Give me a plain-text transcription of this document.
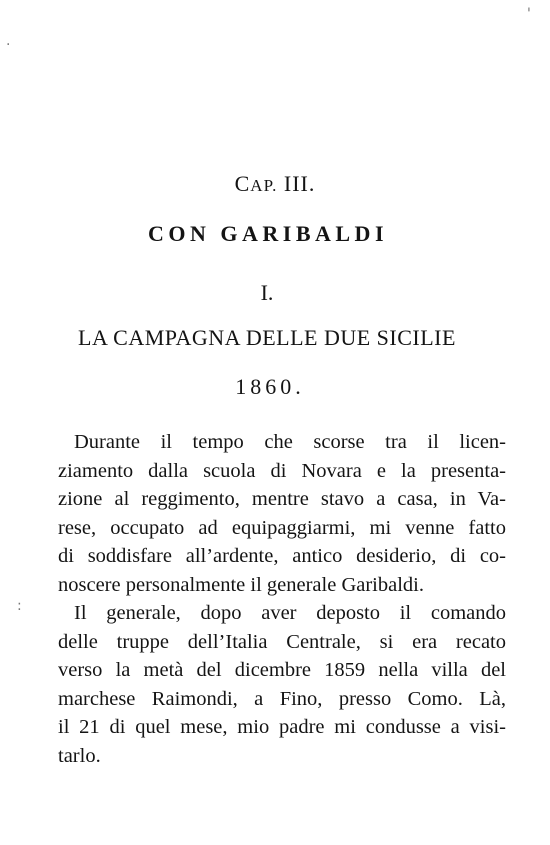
'
·
:
CAP. III.
CON GARIBALDI
I.
LA CAMPAGNA DELLE DUE SICILIE
1860.
Durante il tempo che scorse tra il licen-
ziamento dalla scuola di Novara e la presenta-
zione al reggimento, mentre stavo a casa, in Va-
rese, occupato ad equipaggiarmi, mi venne fatto
di soddisfare all’ardente, antico desiderio, di co-
noscere personalmente il generale Garibaldi.
Il generale, dopo aver deposto il comando
delle truppe dell’Italia Centrale, si era recato
verso la metà del dicembre 1859 nella villa del
marchese Raimondi, a Fino, presso Como. Là,
il 21 di quel mese, mio padre mi condusse a visi-
tarlo.
